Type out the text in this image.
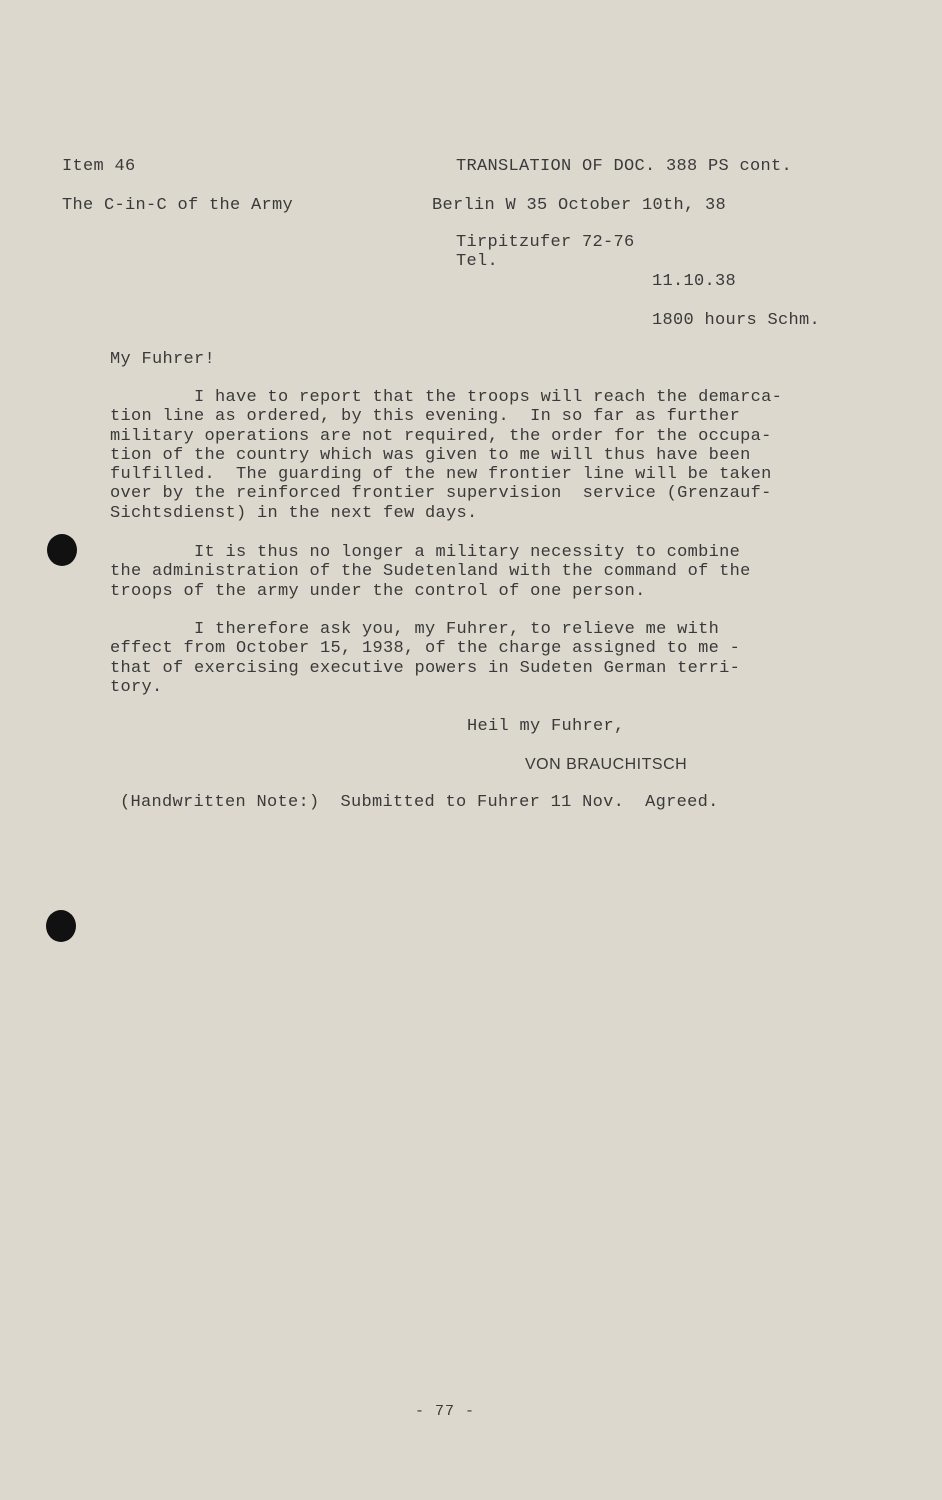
Item 46	TRANSLATION OF DOC. 388 PS cont.
The C-in-C of the Army	Berlin W 35 October 10th, 38
Tirpitzufer 72-76
Tel.
11.10.38
1800 hours Schm.
My Fuhrer!
I have to report that the troops will reach the demarca-
tion line as ordered, by this evening.  In so far as further
military operations are not required, the order for the occupa-
tion of the country which was given to me will thus have been
fulfilled.  The guarding of the new frontier line will be taken
over by the reinforced frontier supervision  service (Grenzauf-
Sichtsdienst) in the next few days.
It is thus no longer a military necessity to combine
the administration of the Sudetenland with the command of the
troops of the army under the control of one person.
I therefore ask you, my Fuhrer, to relieve me with
effect from October 15, 1938, of the charge assigned to me -
that of exercising executive powers in Sudeten German terri-
tory.
Heil my Fuhrer,
VON BRAUCHITSCH
(Handwritten Note:)  Submitted to Fuhrer 11 Nov.  Agreed.
- 77 -
